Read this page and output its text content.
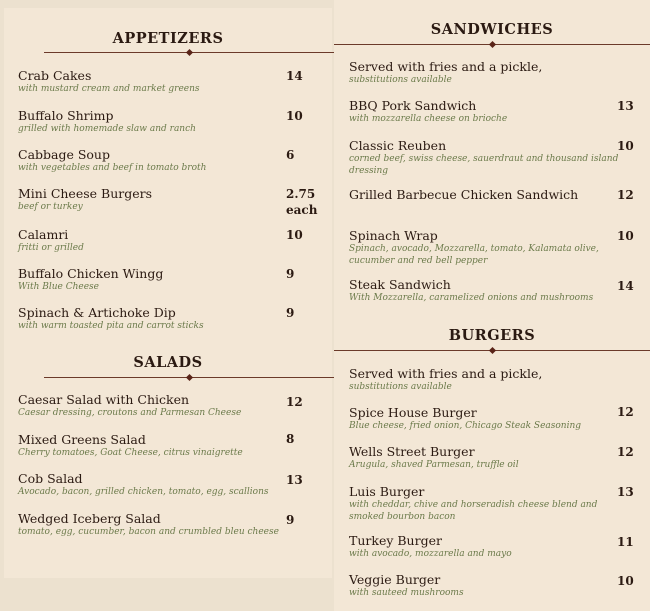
APPETIZERS
Crab Cakes
with mustard cream and market greens
14
Buffalo Shrimp
grilled with homemade slaw and ranch
10
Cabbage Soup
with vegetables and beef in tomato broth
6
Mini Cheese Burgers
beef or turkey
2.75
each
Calamri
fritti or grilled
10
Buffalo Chicken Wingg
With Blue Cheese
9
Spinach & Artichoke Dip
with warm toasted pita and carrot sticks
9
SALADS
Caesar Salad with Chicken
Caesar dressing, croutons and Parmesan Cheese
12
Mixed Greens Salad
Cherry tomatoes, Goat Cheese, citrus vinaigrette
8
Cob Salad
Avocado, bacon, grilled chicken, tomato, egg, scallions
13
Wedged Iceberg Salad
tomato, egg, cucumber, bacon and crumbled bleu cheese
9
SANDWICHES
Served with fries and a pickle,
substitutions available
BBQ Pork Sandwich
with mozzarella cheese on brioche
13
Classic Reuben
corned beef, swiss cheese, sauerdraut and thousand island
dressing
10
Grilled Barbecue Chicken Sandwich	12
Spinach Wrap
Spinach, avocado, Mozzarella, tomato, Kalamata olive,
cucumber and red bell pepper
10
Steak Sandwich
With Mozzarella, caramelized onions and mushrooms
14
BURGERS
Served with fries and a pickle,
substitutions available
Spice House Burger
Blue cheese, fried onion, Chicago Steak Seasoning
12
Wells Street Burger
Arugula, shaved Parmesan, truffle oil
12
Luis Burger
with cheddar, chive and horseradish cheese blend and
smoked bourbon bacon
13
Turkey Burger
with avocado, mozzarella and mayo
11
Veggie Burger
with sauteed mushrooms
10
